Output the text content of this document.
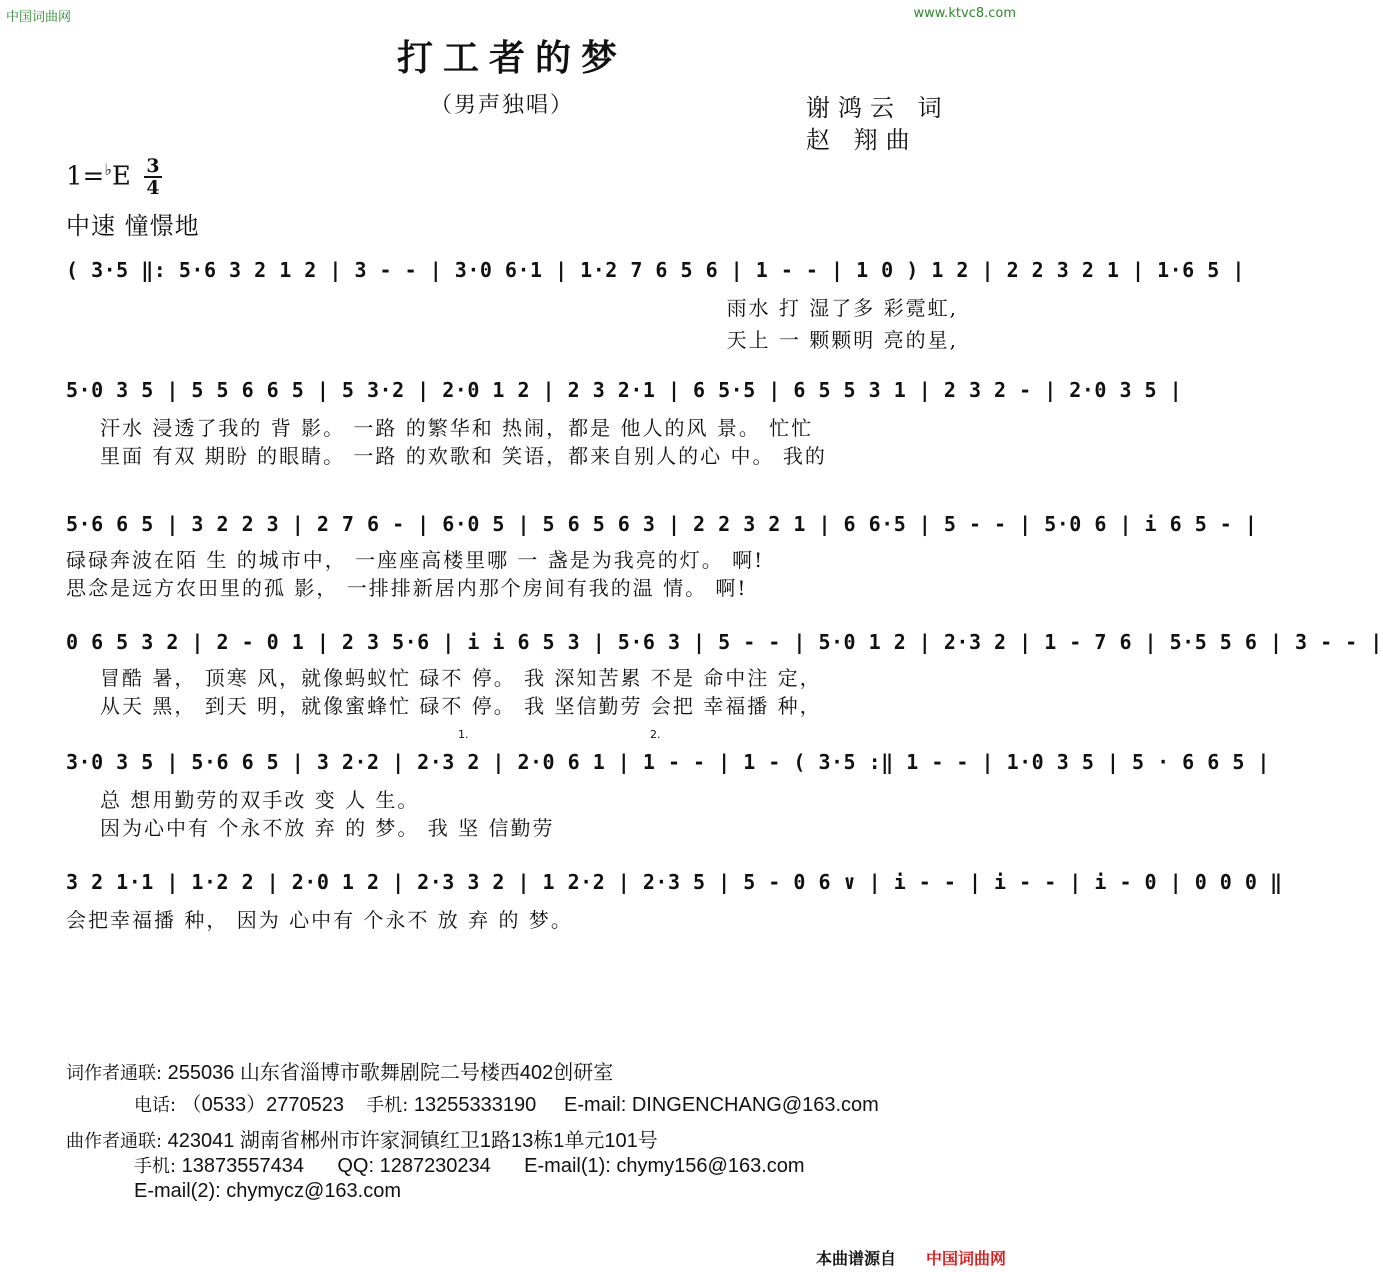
中国词曲网	www.ktvc8.com
打工者的梦
（男声独唱）	谢鸿云 词
赵 翔曲
$1=^♭E \frac{3}{4}$
中速 憧憬地
( 3·5 ‖: 5·6 3 2 1 2 | 3 - - | 3·0 6·1 | 1·2 7 6 5 6 | 1 - - | 1 0 ) 1 2 | 2 2 3 2 1 | 1·6 5 |
雨水 打 湿了多 彩霓虹,
天上 一 颗颗明 亮的星,
5·0 3 5 | 5 5 6 6 5 | 5 3·2 | 2·0 1 2 | 2 3 2·1 | 6 5·5 | 6 5 5 3 1 | 2 3 2 - | 2·0 3 5 |
汗水 浸透了我的 背 影。 一路 的繁华和 热闹，都是 他人的风 景。 忙忙
里面 有双 期盼 的眼睛。 一路 的欢歌和 笑语，都来自别人的心 中。 我的
5·6 6 5 | 3 2 2 3 | 2 7 6 - | 6·0 5 | 5 6 5 6 3 | 2 2 3 2 1 | 6 6·5 | 5 - - | 5·0 6 | i 6 5 - |
碌碌奔波在陌 生 的城市中， 一座座高楼里哪 一 盏是为我亮的灯。 啊!
思念是远方农田里的孤 影， 一排排新居内那个房间有我的温 情。 啊!
0 6 5 3 2 | 2 - 0 1 | 2 3 5·6 | i i 6 5 3 | 5·6 3 | 5 - - | 5·0 1 2 | 2·3 2 | 1 - 7 6 | 5·5 5 6 | 3 - - |
冒酷 暑， 顶寒 风，就像蚂蚁忙 碌不 停。 我 深知苦累 不是 命中注 定，
从天 黑， 到天 明，就像蜜蜂忙 碌不 停。 我 坚信勤劳 会把 幸福播 种，
1.	2.
3·0 3 5 | 5·6 6 5 | 3 2·2 | 2·3 2 | 2·0 6 1 | 1 - - | 1 - ( 3·5 :‖ 1 - - | 1·0 3 5 | 5 · 6 6 5 |
总 想用勤劳的双手改 变 人 生。
因为心中有 个永不放 弃 的 梦。 我 坚 信勤劳
3 2 1·1 | 1·2 2 | 2·0 1 2 | 2·3 3 2 | 1 2·2 | 2·3 5 | 5 - 0 6 ∨ | i - - | i - - | i - 0 | 0 0 0 ‖
会把幸福播 种， 因为 心中有 个永不 放 弃 的 梦。
词作者通联: 255036 山东省淄博市歌舞剧院二号楼西402创研室
电话: （0533）2770523 手机: 13255333190 E-mail: DINGENCHANG@163.com
曲作者通联: 423041 湖南省郴州市许家洞镇红卫1路13栋1单元101号
手机: 13873557434 QQ: 1287230234 E-mail(1): chymy156@163.com
E-mail(2): chymycz@163.com
本曲谱源自 中国词曲网
